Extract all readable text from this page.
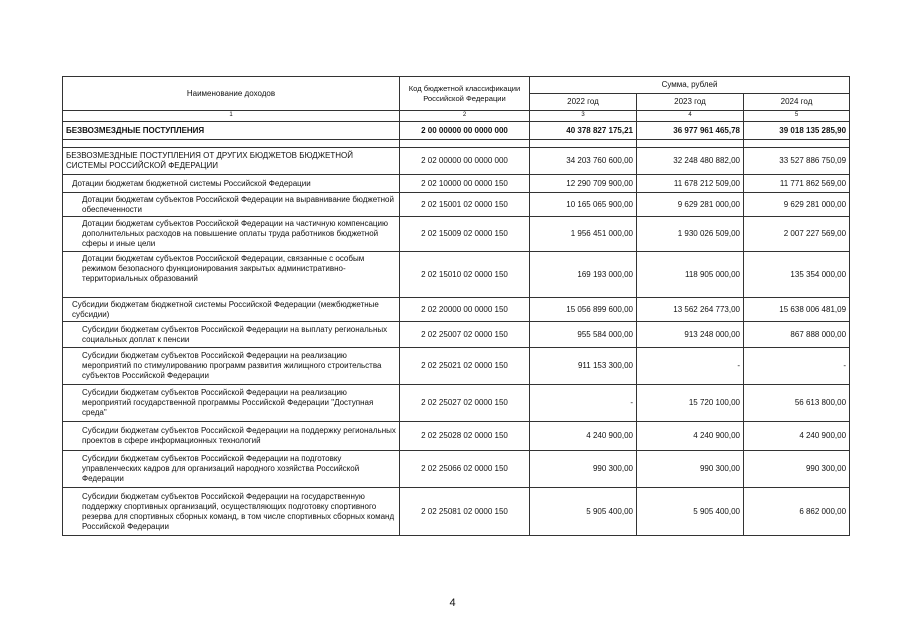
Наименование доходов	Код бюджетной классификации Российской Федерации	Сумма, рублей		
		2022 год	2023 год	2024 год
1	2	3	4	5
БЕЗВОЗМЕЗДНЫЕ ПОСТУПЛЕНИЯ	2 00 00000 00 0000 000	40 378 827 175,21	36 977 961 465,78	39 018 135 285,90

БЕЗВОЗМЕЗДНЫЕ ПОСТУПЛЕНИЯ ОТ ДРУГИХ БЮДЖЕТОВ БЮДЖЕТНОЙ СИСТЕМЫ РОССИЙСКОЙ ФЕДЕРАЦИИ	2 02 00000 00 0000 000	34 203 760 600,00	32 248 480 882,00	33 527 886 750,09
Дотации бюджетам бюджетной системы Российской Федерации	2 02 10000 00 0000 150	12 290 709 900,00	11 678 212 509,00	11 771 862 569,00
Дотации бюджетам субъектов Российской Федерации на выравнивание бюджетной обеспеченности	2 02 15001 02 0000 150	10 165 065 900,00	9 629 281 000,00	9 629 281 000,00
Дотации бюджетам субъектов Российской Федерации на частичную компенсацию дополнительных расходов на повышение оплаты труда работников бюджетной сферы и иные цели	2 02 15009 02 0000 150	1 956 451 000,00	1 930 026 509,00	2 007 227 569,00
Дотации бюджетам субъектов Российской Федерации, связанные с особым режимом безопасного функционирования закрытых административно-территориальных образований	2 02 15010 02 0000 150	169 193 000,00	118 905 000,00	135 354 000,00
Субсидии бюджетам бюджетной системы Российской Федерации (межбюджетные субсидии)	2 02 20000 00 0000 150	15 056 899 600,00	13 562 264 773,00	15 638 006 481,09
Субсидии бюджетам субъектов Российской Федерации на выплату региональных социальных доплат к пенсии	2 02 25007 02 0000 150	955 584 000,00	913 248 000,00	867 888 000,00
Субсидии бюджетам субъектов Российской Федерации на реализацию мероприятий по стимулированию программ развития жилищного строительства субъектов Российской Федерации	2 02 25021 02 0000 150	911 153 300,00	-	-
Субсидии бюджетам субъектов Российской Федерации на реализацию мероприятий государственной программы Российской Федерации "Доступная среда"	2 02 25027 02 0000 150	-	15 720 100,00	56 613 800,00
Субсидии бюджетам субъектов Российской Федерации на поддержку региональных проектов в сфере информационных технологий	2 02 25028 02 0000 150	4 240 900,00	4 240 900,00	4 240 900,00
Субсидии бюджетам субъектов Российской Федерации на подготовку управленческих кадров для организаций народного хозяйства Российской Федерации	2 02 25066 02 0000 150	990 300,00	990 300,00	990 300,00
Субсидии бюджетам субъектов Российской Федерации на государственную поддержку спортивных организаций, осуществляющих подготовку спортивного резерва для спортивных сборных команд, в том числе спортивных сборных команд Российской Федерации	2 02 25081 02 0000 150	5 905 400,00	5 905 400,00	6 862 000,00
4
